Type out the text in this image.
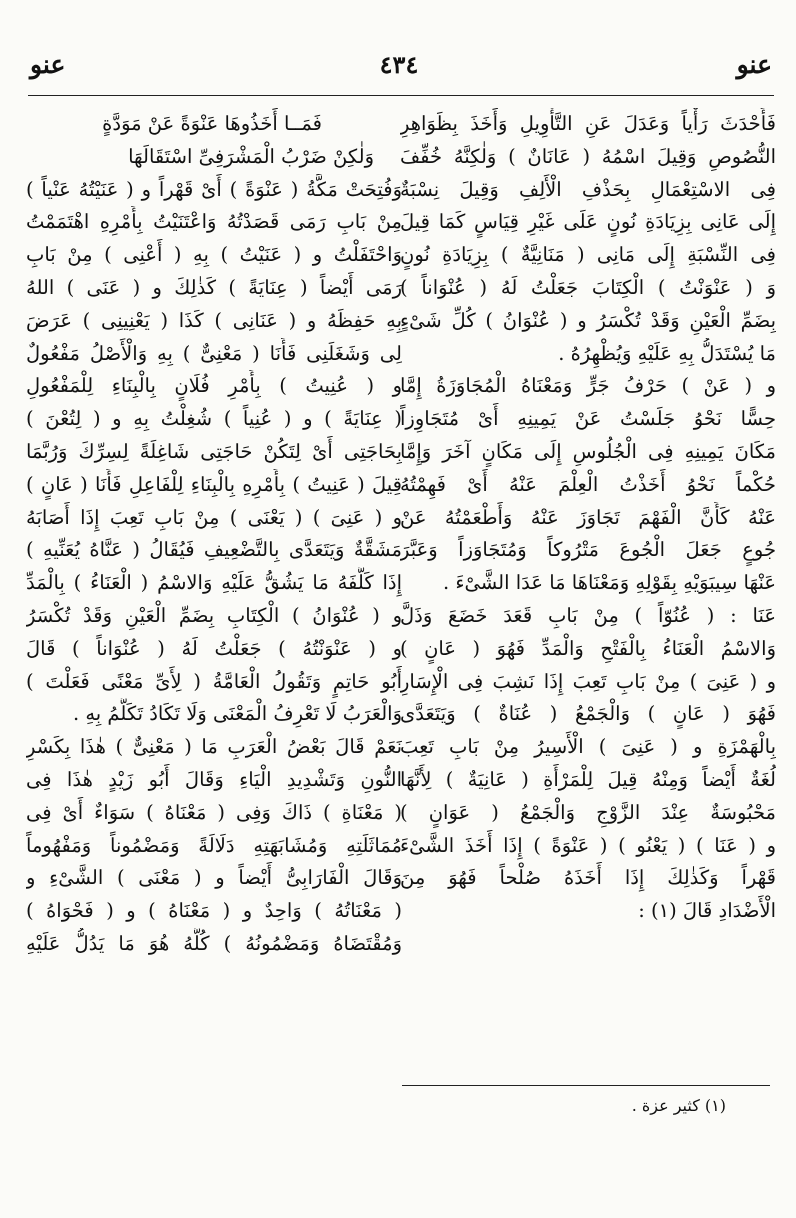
عنو
٤٣٤
عنو
فَأَحْدَثَ رَأْياً وَعَدَلَ عَنِ التَّأْوِيلِ وَأَخَذَ بِظَوَاهِرِ
النُّصُوصِ وَقِيلَ اسْمُهُ ( عَانَانٌ ) وَلٰكِنَّهُ خُفِّفَ
فِى الاسْتِعْمَالِ بِحَذْفِ الْأَلِفِ وَقِيلَ نِسْبَةٌ
إِلَى عَانِى بِزِيَادَةِ نُونٍ عَلَى غَيْرِ قِيَاسٍ كَمَا قِيلَ
فِى النِّسْبَةِ إِلَى مَانِى ( مَنَانِيَّةٌ ) بِزِيَادَةِ نُونٍ
وَ ( عَنْوَنْتُ ) الْكِتَابَ جَعَلْتُ لَهُ ( عُنْوَاناً )
بِضَمِّ الْعَيْنِ وَقَدْ تُكْسَرُ و ( عُنْوَانُ ) كُلِّ شَىْءٍ
مَا يُسْتَدَلُّ بِهِ عَلَيْهِ وَيُظْهِرُهُ .
و ( عَنْ ) حَرْفُ جَرٍّ وَمَعْنَاهُ الْمُجَاوَزَةُ إِمَّا
حِسًّا نَحْوُ جَلَسْتُ عَنْ يَمِينِهِ أَىْ مُتَجَاوِزاً
مَكَانَ يَمِينِهِ فِى الْجُلُوسِ إِلَى مَكَانٍ آخَرَ وَإِمَّا
حُكْماً نَحْوُ أَخَذْتُ الْعِلْمَ عَنْهُ أَىْ فَهِمْتُهُ
عَنْهُ كَأَنَّ الْفَهْمَ تَجَاوَزَ عَنْهُ وَأَطْعَمْتُهُ عَنْ
جُوعٍ جَعَلَ الْجُوعَ مَتْرُوكاً وَمُتَجَاوَزاً وَعَبَّرَ
عَنْهَا سِيبَوَيْهِ بِقَوْلِهِ وَمَعْنَاهَا مَا عَدَا الشَّىْءَ .
عَنَا : ( عُنُوّاً ) مِنْ بَابِ قَعَدَ خَضَعَ وَذَلَّ
وَالاسْمُ الْعَنَاءُ بِالْفَتْحِ وَالْمَدِّ فَهُوَ ( عَانٍ )
و ( عَنِىَ ) مِنْ بَابِ تَعِبَ إِذَا نَشِبَ فِى الْإِسَارِ
فَهُوَ ( عَانٍ ) وَالْجَمْعُ ( عُنَاةٌ ) وَيَتَعَدَّى
بِالْهَمْزَةِ و ( عَنِىَ ) الْأَسِيرُ مِنْ بَابِ تَعِبَ
لُغَةٌ أَيْضاً وَمِنْهُ قِيلَ لِلْمَرْأَةِ ( عَانِيَةٌ ) لِأَنَّهَا
مَحْبُوسَةٌ عِنْدَ الزَّوْجِ وَالْجَمْعُ ( عَوَانٍ )
و ( عَنَا ) ( يَعْنُو ) ( عَنْوَةً ) إِذَا أَخَذَ الشَّىْءَ
قَهْراً وَكَذٰلِكَ إِذَا أَخَذَهُ صُلْحاً فَهُوَ مِنَ
الْأَضْدَادِ قَالَ (١) :
فَمَــا أَخَذُوهَا عَنْوَةً عَنْ مَوَدَّةٍ
وَلٰكِنْ ضَرْبُ الْمَشْرَفِىِّ اسْتَقَالَهَا
وَفُتِحَتْ مَكَّةُ ( عَنْوَةً ) أَىْ قَهْراً و ( عَنَيْتُهُ عَنْياً )
مِنْ بَابِ رَمَى قَصَدْتُهُ وَاعْتَنَيْتُ بِأَمْرِهِ اهْتَمَمْتُ
وَاحْتَفَلْتُ و ( عَنَيْتُ ) بِهِ ( أَعْنِى ) مِنْ بَابِ
رَمَى أَيْضاً ( عِنَايَةً ) كَذٰلِكَ و ( عَنَى ) اللهُ
بِهِ حَفِظَهُ و ( عَنَانِى ) كَذَا ( يَعْنِينِى ) عَرَضَ
لِى وَشَغَلَنِى فَأَنَا ( مَعْنِىٌّ ) بِهِ وَالْأَصْلُ مَفْعُولٌ
و ( عُنِيتُ ) بِأَمْرِ فُلَانٍ بِالْبِنَاءِ لِلْمَفْعُولِ
( عِنَايَةً ) و ( عُنِياً ) شُغِلْتُ بِهِ و ( لِتُعْنَ )
بِحَاجَتِى أَىْ لِتَكُنْ حَاجَتِى شَاغِلَةً لِسِرِّكَ وَرُبَّمَا
قِيلَ ( عَنِيتُ ) بِأَمْرِهِ بِالْبِنَاءِ لِلْفَاعِلِ فَأَنَا ( عَانٍ )
و ( عَنِىَ ) ( يَعْنَى ) مِنْ بَابِ تَعِبَ إِذَا أَصَابَهُ
مَشَقَّةٌ وَيَتَعَدَّى بِالتَّضْعِيفِ فَيُقَالُ ( عَنَّاهُ يُعَنِّيهِ )
إِذَا كَلَّفَهُ مَا يَشُقُّ عَلَيْهِ وَالاسْمُ ( الْعَنَاءُ ) بِالْمَدِّ
و ( عُنْوَانُ ) الْكِتَابِ بِضَمِّ الْعَيْنِ وَقَدْ تُكْسَرُ
و ( عَنْوَنْتُهُ ) جَعَلْتُ لَهُ ( عُنْوَاناً ) قَالَ
أَبُو حَاتِمٍ وَتَقُولُ الْعَامَّةُ ( لِأَىِّ مَعْنًى فَعَلْتَ )
وَالْعَرَبُ لَا تَعْرِفُ الْمَعْنَى وَلَا تَكَادُ تَكَلَّمُ بِهِ .
نَعَمْ قَالَ بَعْضُ الْعَرَبِ مَا ( مَعْنِىٌّ ) هٰذَا بِكَسْرِ
النُّونِ وَتَشْدِيدِ الْيَاءِ وَقَالَ أَبُو زَيْدٍ هٰذَا فِى
( مَعْنَاةِ ) ذَاكَ وَفِى ( مَعْنَاهُ ) سَوَاءٌ أَىْ فِى
مُمَاثَلَتِهِ وَمُشَابَهَتِهِ دَلَالَةً وَمَضْمُوناً وَمَفْهُوماً
وَقَالَ الْفَارَابِىُّ أَيْضاً و ( مَعْنَى ) الشَّىْءِ و
( مَعْنَاتُهُ ) وَاحِدٌ و ( مَعْنَاهُ ) و ( فَحْوَاهُ )
وَمُقْتَضَاهُ وَمَضْمُونُهُ ) كُلُّهُ هُوَ مَا يَدُلُّ عَلَيْهِ
(١) كثير عزة .
